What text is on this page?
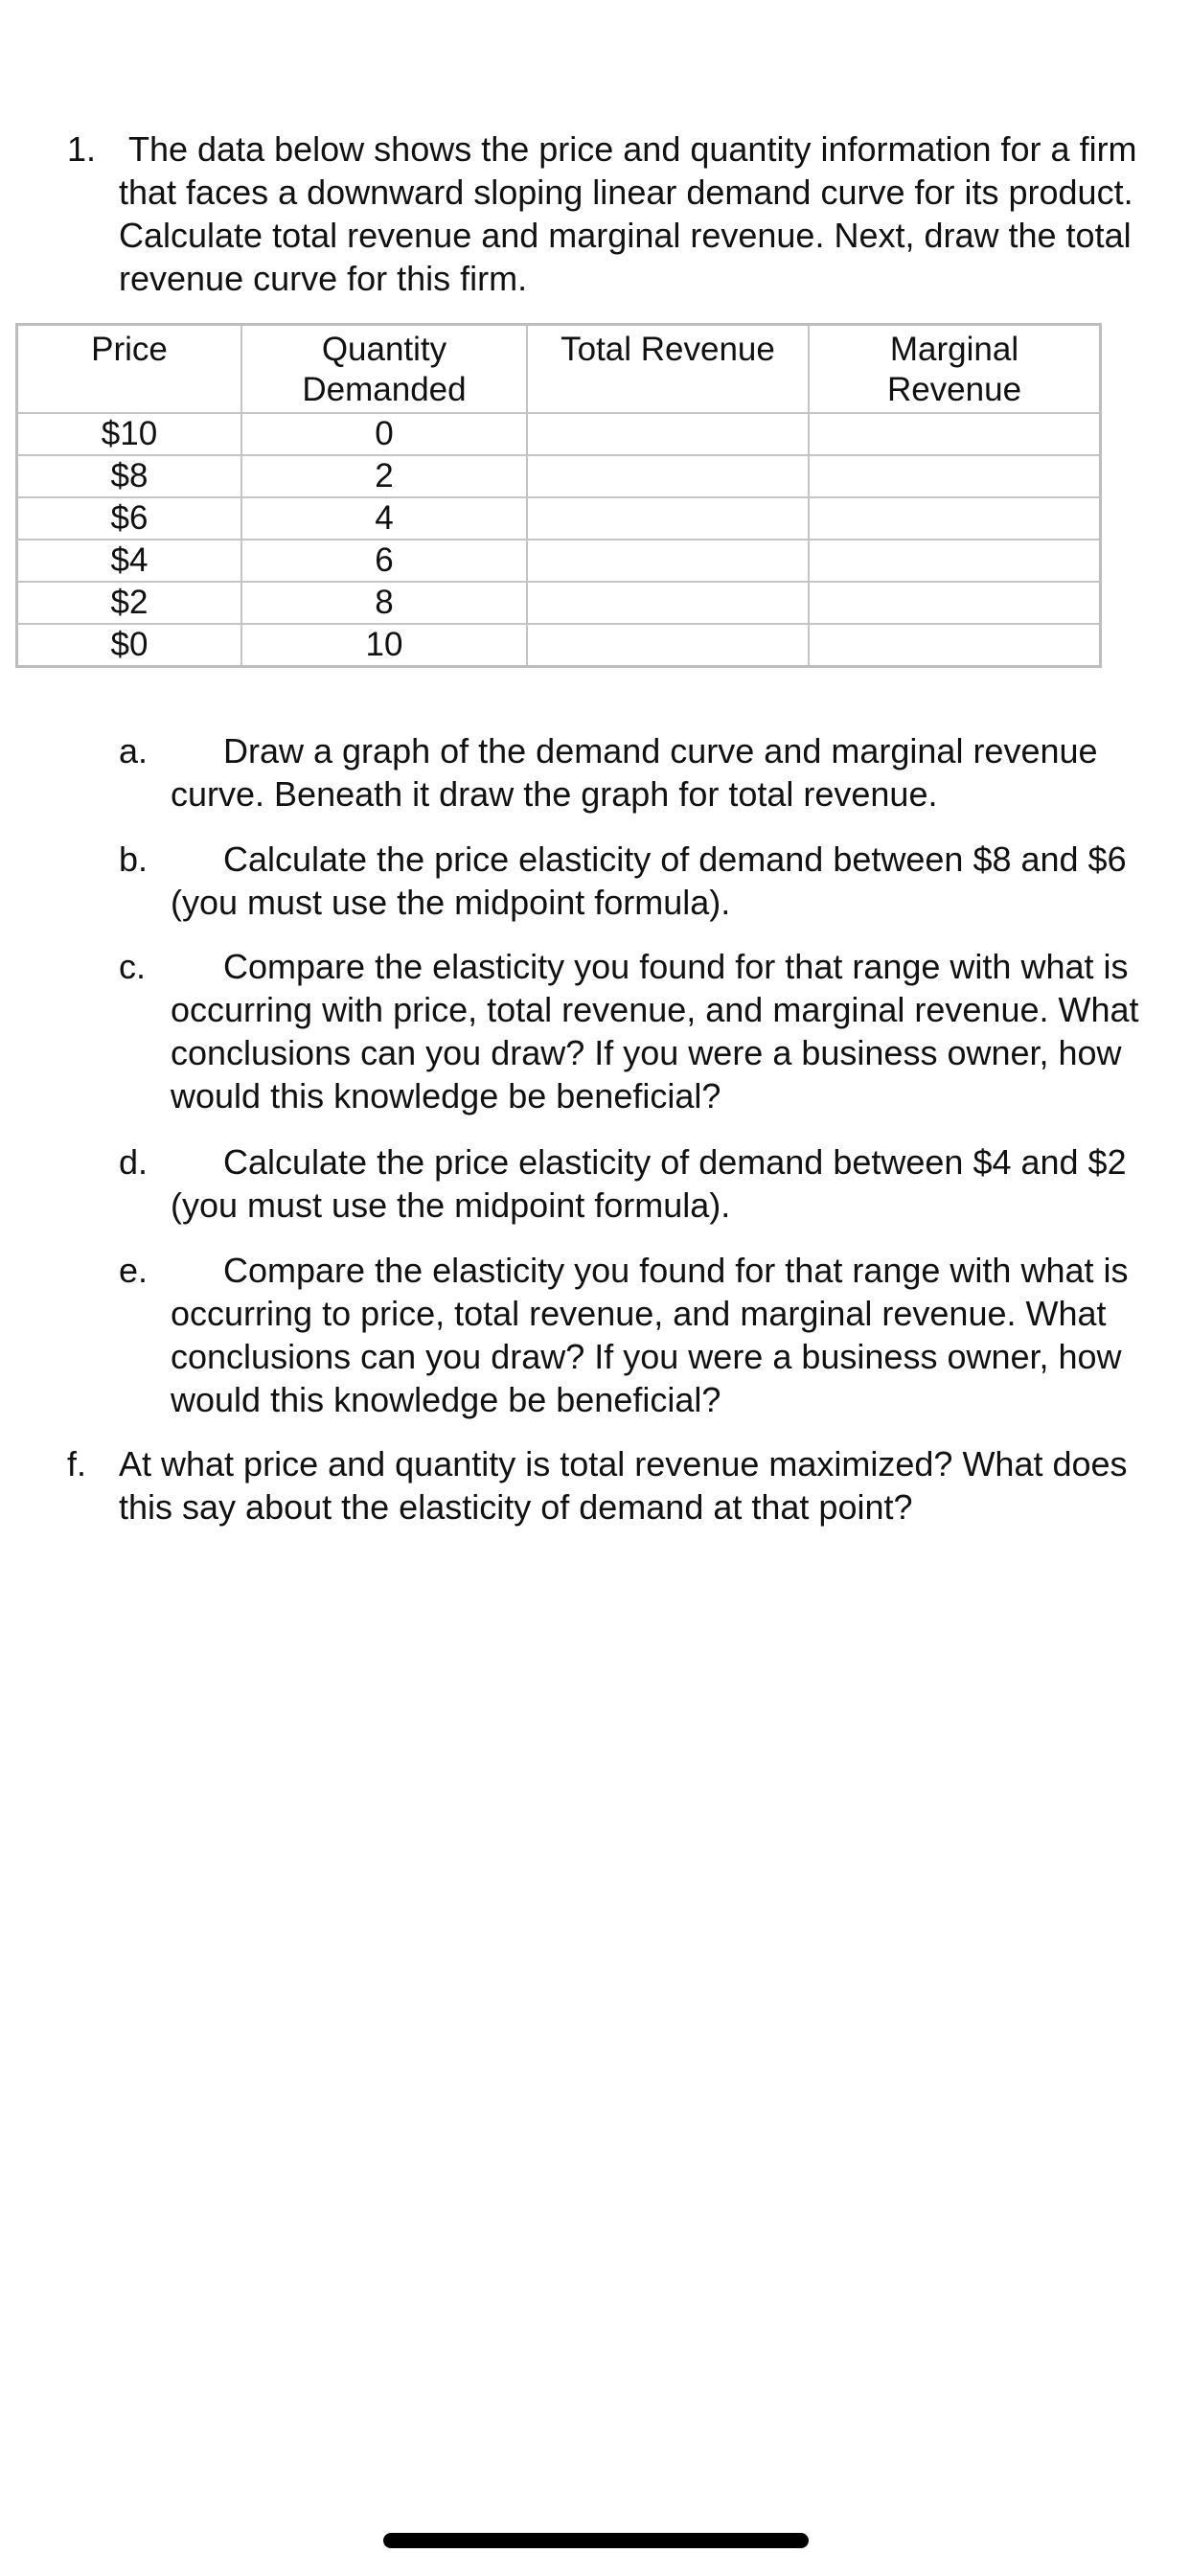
1. The data below shows the price and quantity information for a firm that faces a downward sloping linear demand curve for its product. Calculate total revenue and marginal revenue. Next, draw the total revenue curve for this firm.
Price	Quantity Demanded	Total Revenue	Marginal Revenue
$10	0		
$8	2		
$6	4		
$4	6		
$2	8		
$0	10		
a.	Draw a graph of the demand curve and marginal revenue curve. Beneath it draw the graph for total revenue.
b.	Calculate the price elasticity of demand between $8 and $6 (you must use the midpoint formula).
c.	Compare the elasticity you found for that range with what is occurring with price, total revenue, and marginal revenue. What conclusions can you draw? If you were a business owner, how would this knowledge be beneficial?
d.	Calculate the price elasticity of demand between $4 and $2 (you must use the midpoint formula).
e.	Compare the elasticity you found for that range with what is occurring to price, total revenue, and marginal revenue. What conclusions can you draw? If you were a business owner, how would this knowledge be beneficial?
f. At what price and quantity is total revenue maximized? What does this say about the elasticity of demand at that point?
